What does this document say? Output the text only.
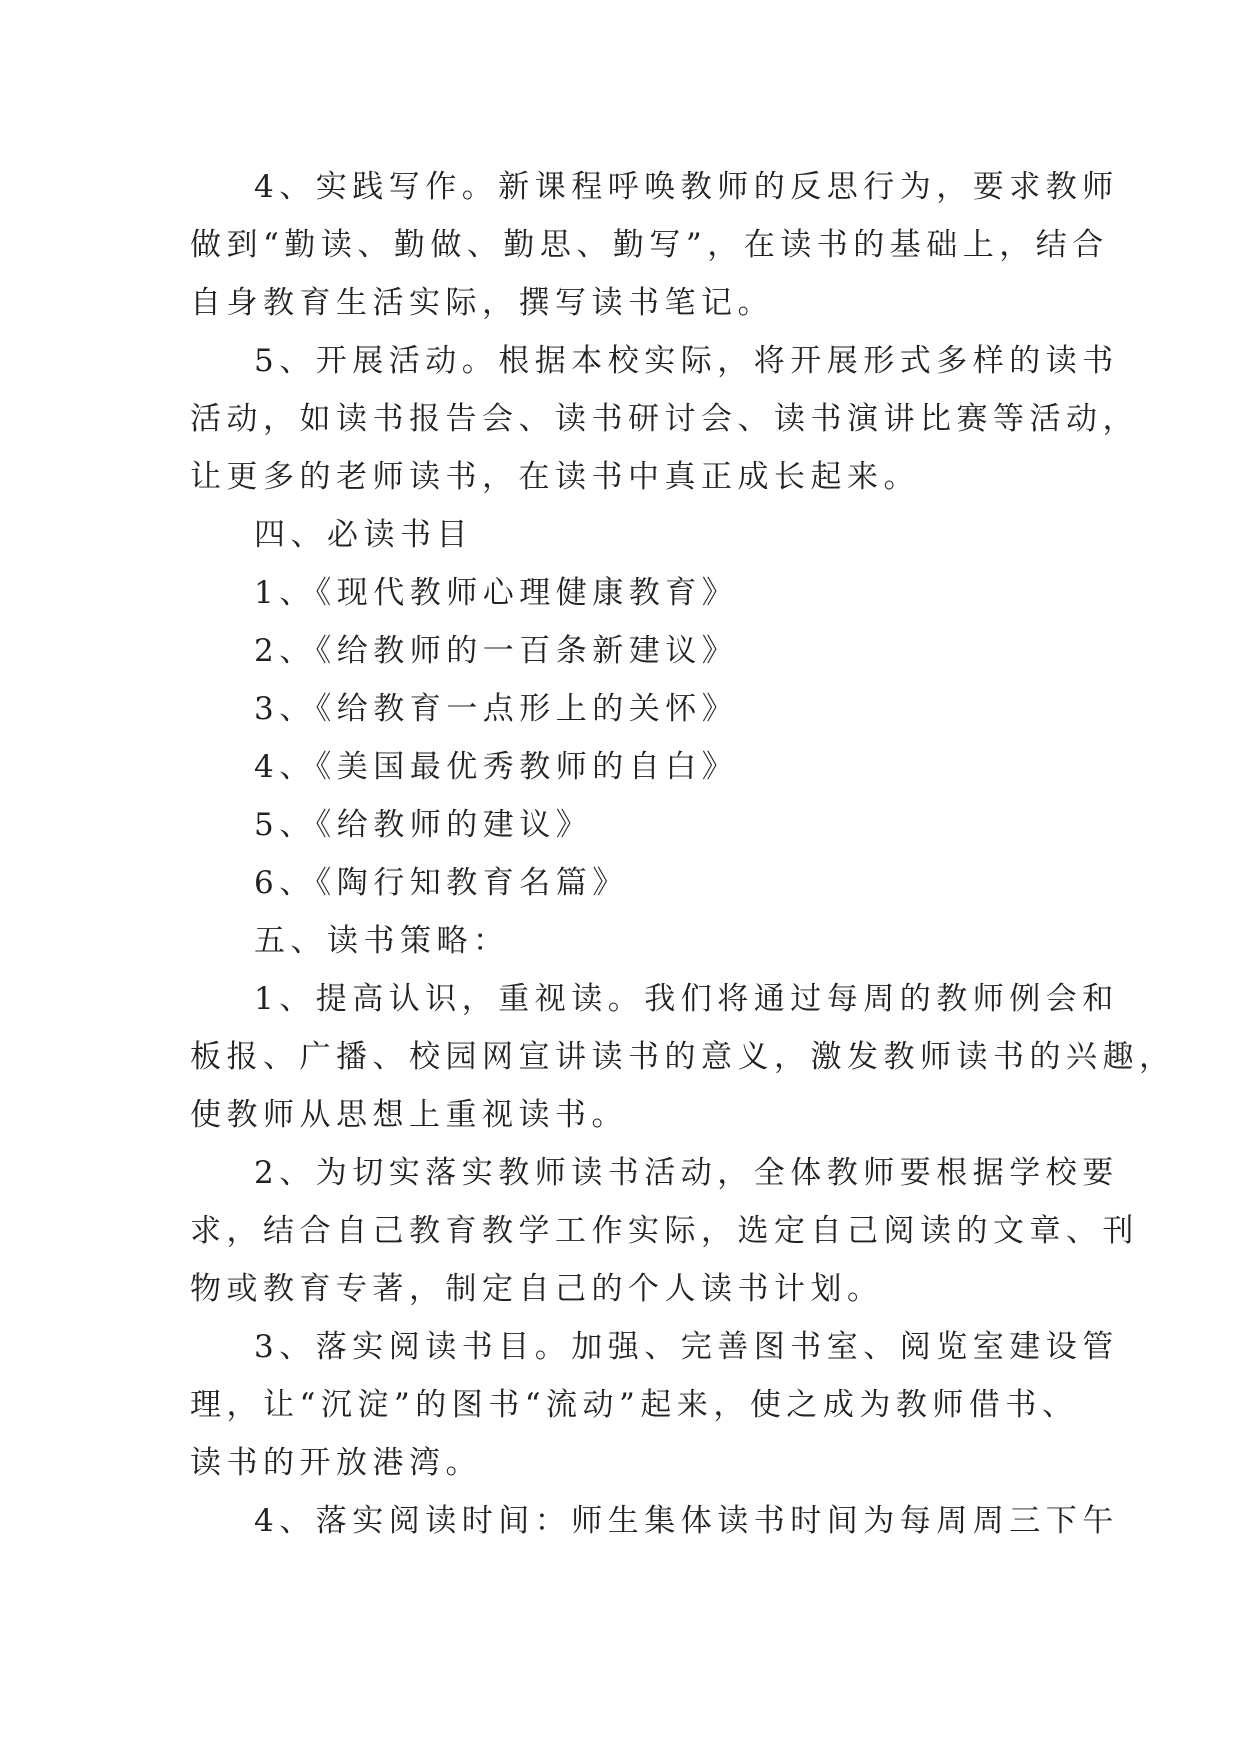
4、实践写作。新课程呼唤教师的反思行为，要求教师
做到“勤读、勤做、勤思、勤写”，在读书的基础上，结合
自身教育生活实际，撰写读书笔记。
5、开展活动。根据本校实际，将开展形式多样的读书
活动，如读书报告会、读书研讨会、读书演讲比赛等活动，
让更多的老师读书，在读书中真正成长起来。
四、必读书目
1、《现代教师心理健康教育》
2、《给教师的一百条新建议》
3、《给教育一点形上的关怀》
4、《美国最优秀教师的自白》
5、《给教师的建议》
6、《陶行知教育名篇》
五、读书策略：
1、提高认识，重视读。我们将通过每周的教师例会和
板报、广播、校园网宣讲读书的意义，激发教师读书的兴趣，
使教师从思想上重视读书。
2、为切实落实教师读书活动，全体教师要根据学校要
求，结合自己教育教学工作实际，选定自己阅读的文章、刊
物或教育专著，制定自己的个人读书计划。
3、落实阅读书目。加强、完善图书室、阅览室建设管
理，让“沉淀”的图书“流动”起来，使之成为教师借书、
读书的开放港湾。
4、落实阅读时间：师生集体读书时间为每周周三下午
